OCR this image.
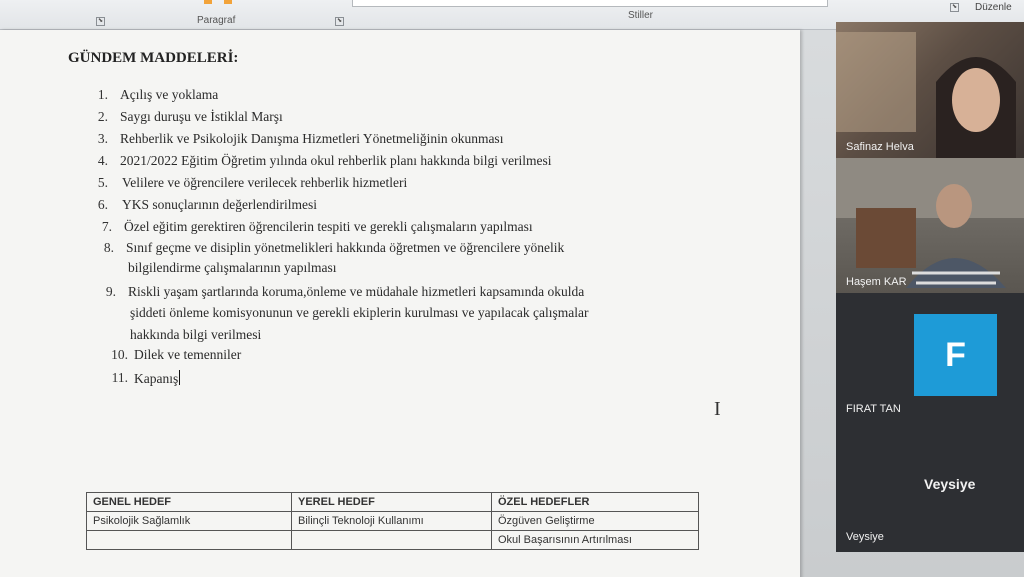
⬊	Paragraf	⬊	Stiller
⬊ Düzenle
GÜNDEM MADDELERİ:
1. Açılış ve yoklama
2. Saygı duruşu ve İstiklal Marşı
3. Rehberlik ve Psikolojik Danışma Hizmetleri Yönetmeliğinin okunması
4. 2021/2022 Eğitim Öğretim yılında okul rehberlik planı hakkında bilgi verilmesi
5. Velilere ve öğrencilere verilecek rehberlik hizmetleri
6. YKS sonuçlarının değerlendirilmesi
7. Özel eğitim gerektiren öğrencilerin tespiti ve gerekli çalışmaların yapılması
8. Sınıf geçme ve disiplin yönetmelikleri hakkında öğretmen ve öğrencilere yönelik
bilgilendirme çalışmalarının yapılması
9. Riskli yaşam şartlarında koruma,önleme ve müdahale hizmetleri kapsamında okulda
şiddeti önleme komisyonunun ve gerekli ekiplerin kurulması ve yapılacak çalışmalar
hakkında bilgi verilmesi
10. Dilek ve temenniler
11. Kapanış
I
GENEL HEDEF	YEREL HEDEF	ÖZEL HEDEFLER
Psikolojik Sağlamlık	Bilinçli Teknoloji Kullanımı	Özgüven Geliştirme
		Okul Başarısının Artırılması
Safinaz Helva
Haşem KAR
F
FIRAT TAN
Veysiye
Veysiye
